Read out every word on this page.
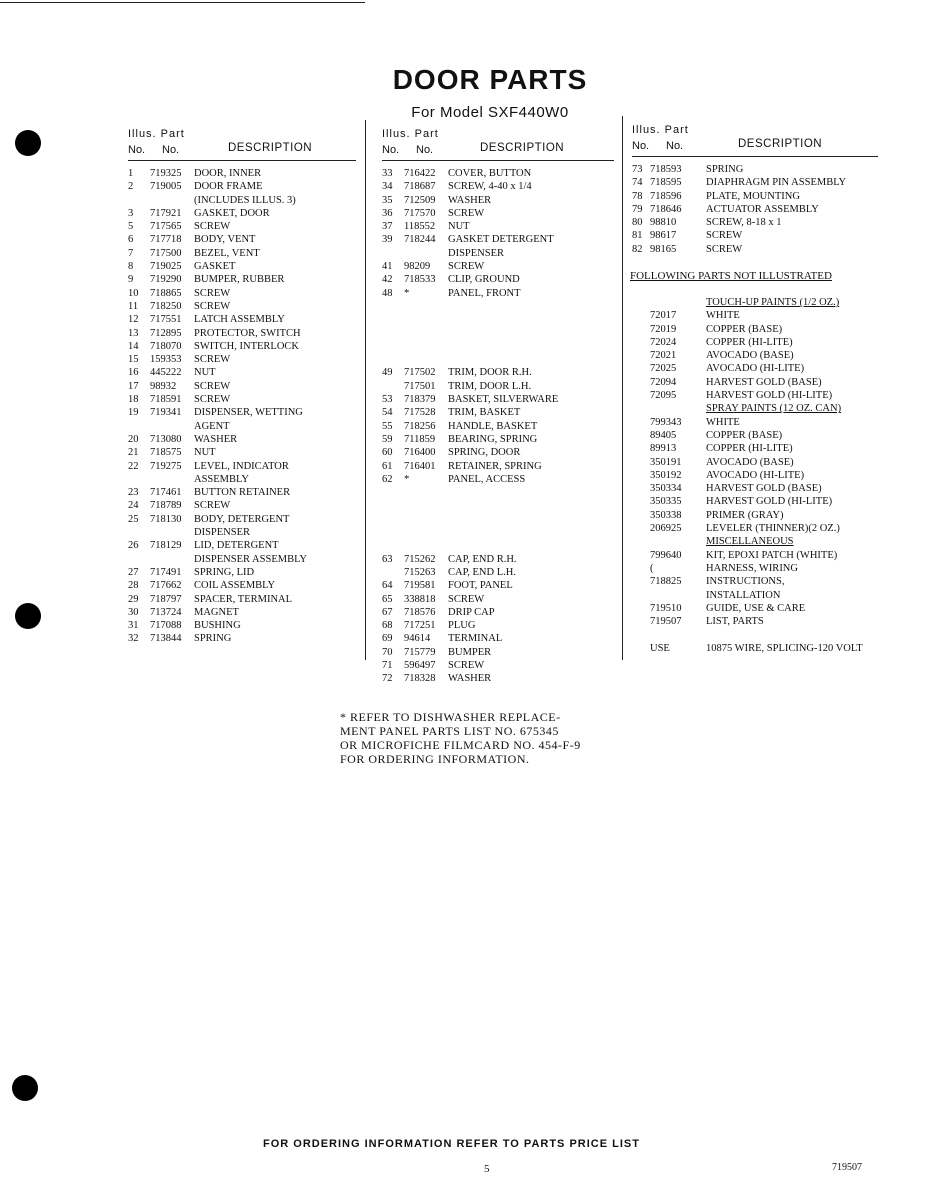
DOOR PARTS
For Model SXF440W0
Illus. Part
No. No.	DESCRIPTION
1 719325 DOOR, INNER
2 719005 DOOR FRAME
(INCLUDES ILLUS. 3)
3 717921 GASKET, DOOR
5 717565 SCREW
6 717718 BODY, VENT
7 717500 BEZEL, VENT
8 719025 GASKET
9 719290 BUMPER, RUBBER
10 718865 SCREW
11 718250 SCREW
12 717551 LATCH ASSEMBLY
13 712895 PROTECTOR, SWITCH
14 718070 SWITCH, INTERLOCK
15 159353 SCREW
16 445222 NUT
17 98932 SCREW
18 718591 SCREW
19 719341 DISPENSER, WETTING
AGENT
20 713080 WASHER
21 718575 NUT
22 719275 LEVEL, INDICATOR
ASSEMBLY
23 717461 BUTTON RETAINER
24 718789 SCREW
25 718130 BODY, DETERGENT
DISPENSER
26 718129 LID, DETERGENT
DISPENSER ASSEMBLY
27 717491 SPRING, LID
28 717662 COIL ASSEMBLY
29 718797 SPACER, TERMINAL
30 713724 MAGNET
31 717088 BUSHING
32 713844 SPRING
Illus. Part
No. No.	DESCRIPTION
33 716422 COVER, BUTTON
34 718687 SCREW, 4-40 x 1/4
35 712509 WASHER
36 717570 SCREW
37 118552 NUT
39 718244 GASKET DETERGENT
DISPENSER
41 98209 SCREW
42 718533 CLIP, GROUND
48 *	PANEL, FRONT
49 717502 TRIM, DOOR R.H.
717501 TRIM, DOOR L.H.
53 718379 BASKET, SILVERWARE
54 717528 TRIM, BASKET
55 718256 HANDLE, BASKET
59 711859 BEARING, SPRING
60 716400 SPRING, DOOR
61 716401 RETAINER, SPRING
62 *	PANEL, ACCESS
63 715262 CAP, END R.H.
715263 CAP, END L.H.
64 719581 FOOT, PANEL
65 338818 SCREW
67 718576 DRIP CAP
68 717251 PLUG
69 94614 TERMINAL
70 715779 BUMPER
71 596497 SCREW
72 718328 WASHER
Illus. Part
No. No.	DESCRIPTION
73 718593 SPRING
74 718595 DIAPHRAGM PIN ASSEMBLY
78 718596 PLATE, MOUNTING
79 718646 ACTUATOR ASSEMBLY
80 98810	SCREW, 8-18 x 1
81 98617	SCREW
82 98165	SCREW
FOLLOWING PARTS NOT ILLUSTRATED
TOUCH-UP PAINTS (1/2 OZ.)
72017	WHITE
72019	COPPER (BASE)
72024	COPPER (HI-LITE)
72021	AVOCADO (BASE)
72025	AVOCADO (HI-LITE)
72094	HARVEST GOLD (BASE)
72095	HARVEST GOLD (HI-LITE)
SPRAY PAINTS (12 OZ. CAN)
799343 WHITE
89405	COPPER (BASE)
89913	COPPER (HI-LITE)
350191 AVOCADO (BASE)
350192 AVOCADO (HI-LITE)
350334 HARVEST GOLD (BASE)
350335 HARVEST GOLD (HI-LITE)
350338 PRIMER (GRAY)
206925 LEVELER (THINNER)(2 OZ.)
MISCELLANEOUS
799640 KIT, EPOXI PATCH (WHITE)
(	HARNESS, WIRING
718825 INSTRUCTIONS,
INSTALLATION
719510 GUIDE, USE & CARE
719507 LIST, PARTS
USE	10875 WIRE, SPLICING-120 VOLT
* REFER TO DISHWASHER REPLACE-
MENT PANEL PARTS LIST NO. 675345
OR MICROFICHE FILMCARD NO. 454-F-9
FOR ORDERING INFORMATION.
FOR ORDERING INFORMATION REFER TO PARTS PRICE LIST
5	719507
